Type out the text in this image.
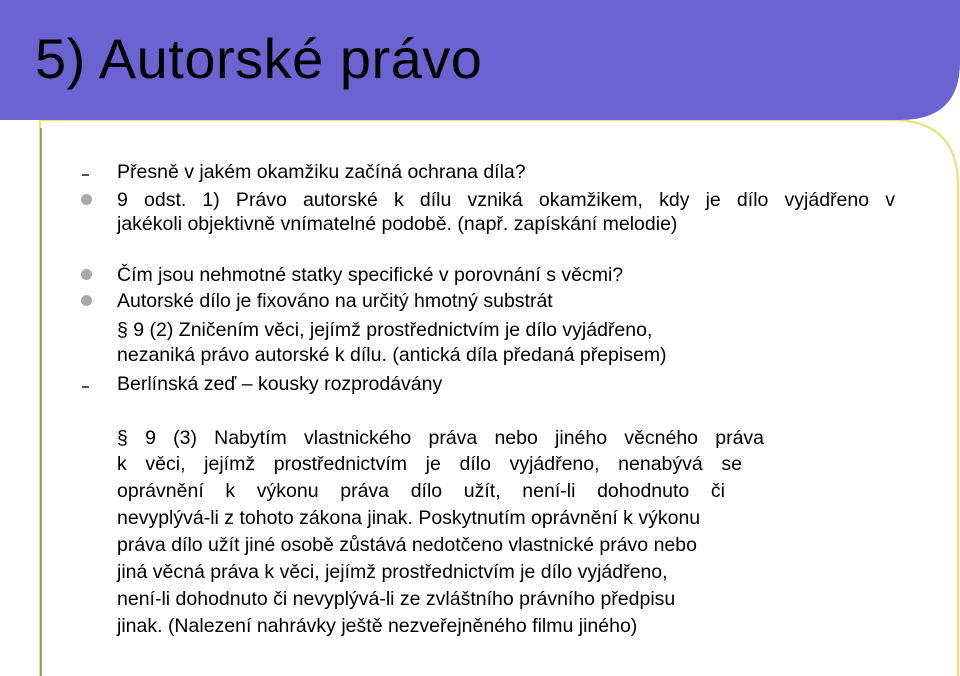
5) Autorské právo

Přesně v jakém okamžiku začíná ochrana díla?

9 odst. 1) Právo autorské k dílu vzniká okamžikem, kdy je dílo vyjádřeno v

jakékoli objektivně vnímatelné podobě. (např. zapískání melodie)

Čím jsou nehmotné statky specifické v porovnání s věcmi?

Autorské dílo je fixováno na určitý hmotný substrát

§ 9 (2) Zničením věci, jejímž prostřednictvím je dílo vyjádřeno,

nezaniká právo autorské k dílu. (antická díla předaná přepisem)

Berlínská zeď – kousky rozprodávány

§ 9 (3) Nabytím vlastnického práva nebo jiného věcného práva

k věci, jejímž prostřednictvím je dílo vyjádřeno, nenabývá se

oprávnění k výkonu práva dílo užít, není-li dohodnuto či

nevyplývá-li z tohoto zákona jinak. Poskytnutím oprávnění k výkonu

práva dílo užít jiné osobě zůstává nedotčeno vlastnické právo nebo

jiná věcná práva k věci, jejímž prostřednictvím je dílo vyjádřeno,

není-li dohodnuto či nevyplývá-li ze zvláštního právního předpisu

jinak. (Nalezení nahrávky ještě nezveřejněného filmu jiného)
